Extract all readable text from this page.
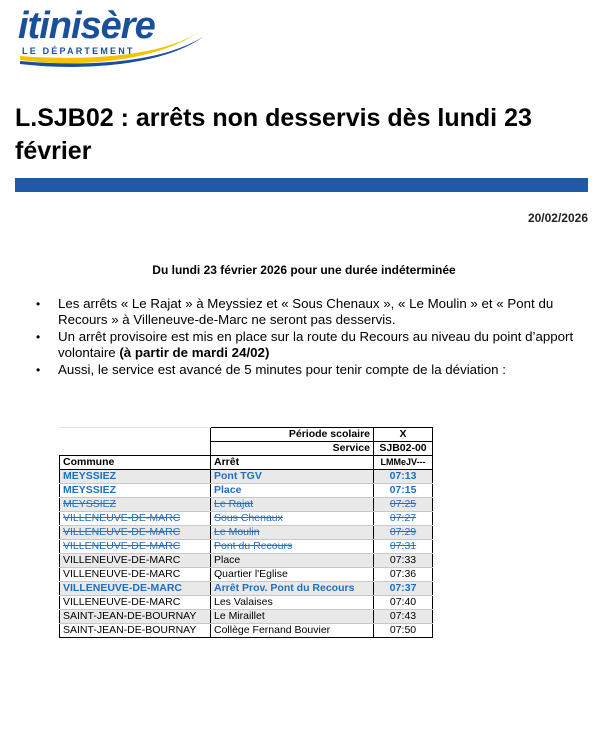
itinisère
LE DÉPARTEMENT
L.SJB02 : arrêts non desservis dès lundi 23 février
20/02/2026
Du lundi 23 février 2026 pour une durée indéterminée
• Les arrêts « Le Rajat » à Meyssiez et « Sous Chenaux », « Le Moulin » et « Pont du Recours » à Villeneuve-de-Marc ne seront pas desservis.
• Un arrêt provisoire est mis en place sur la route du Recours au niveau du point d’apport volontaire (à partir de mardi 24/02)
• Aussi, le service est avancé de 5 minutes pour tenir compte de la déviation :
	Période scolaire	X
	Service	SJB02-00
Commune	Arrêt	LMMeJV---
MEYSSIEZ	Pont TGV	07:13
MEYSSIEZ	Place	07:15
MEYSSIEZ	Le Rajat	07:25
VILLENEUVE-DE-MARC	Sous Chenaux	07:27
VILLENEUVE-DE-MARC	Le Moulin	07:29
VILLENEUVE-DE-MARC	Pont du Recours	07:31
VILLENEUVE-DE-MARC	Place	07:33
VILLENEUVE-DE-MARC	Quartier l'Eglise	07:36
VILLENEUVE-DE-MARC	Arrêt Prov. Pont du Recours	07:37
VILLENEUVE-DE-MARC	Les Valaises	07:40
SAINT-JEAN-DE-BOURNAY	Le Miraillet	07:43
SAINT-JEAN-DE-BOURNAY	Collège Fernand Bouvier	07:50
